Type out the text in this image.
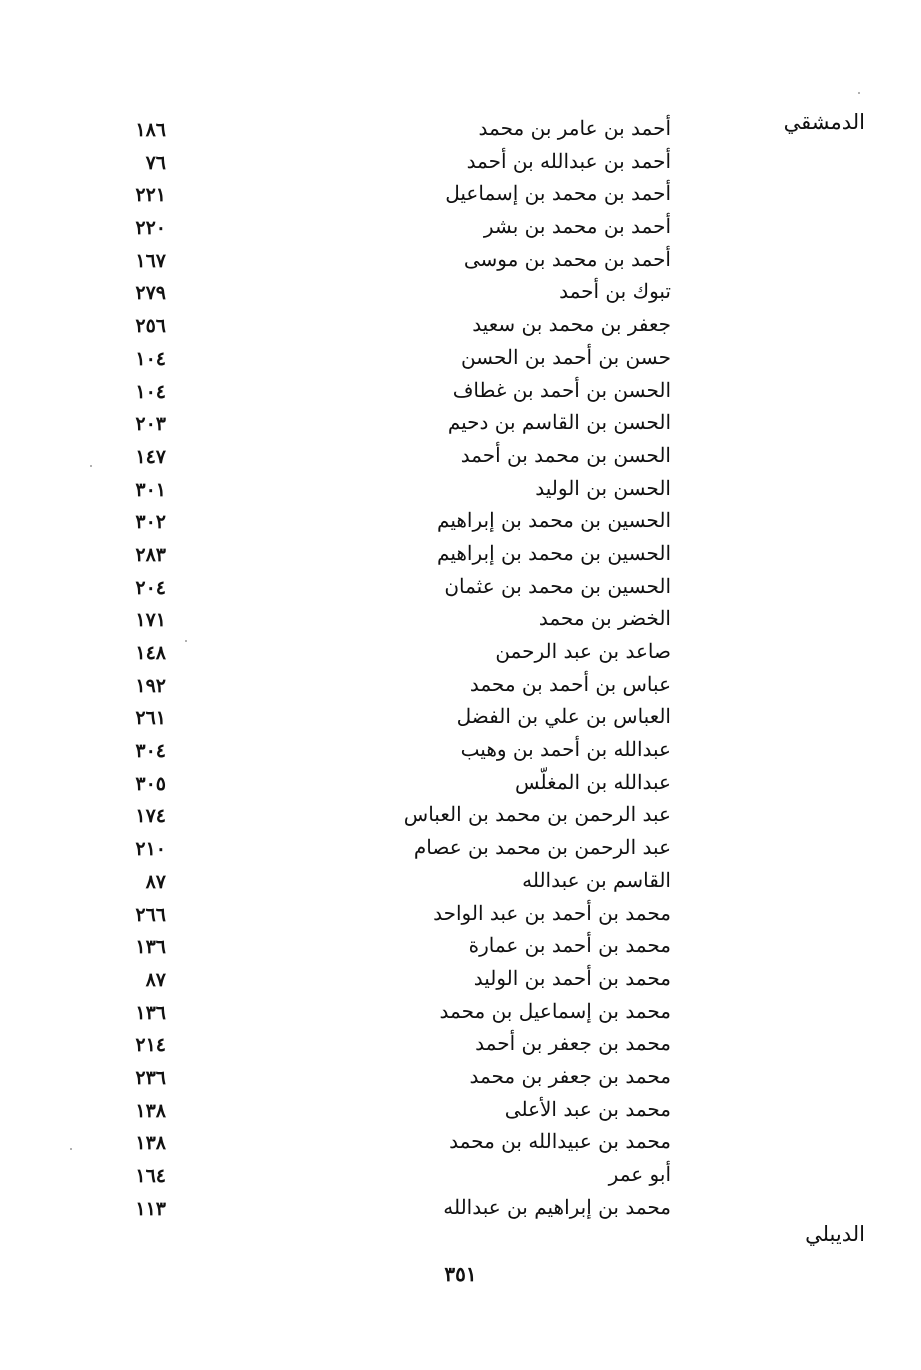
أحمد بن عامر بن محمد
١٨٦
أحمد بن عبدالله بن أحمد
٧٦
أحمد بن محمد بن إسماعيل
٢٢١
أحمد بن محمد بن بشر
٢٢٠
أحمد بن محمد بن موسى
١٦٧
تبوك بن أحمد
٢٧٩
جعفر بن محمد بن سعيد
٢٥٦
حسن بن أحمد بن الحسن
١٠٤
الحسن بن أحمد بن غطاف
١٠٤
الحسن بن القاسم بن دحيم
٢٠٣
الحسن بن محمد بن أحمد
١٤٧
الحسن بن الوليد
٣٠١
الحسين بن محمد بن إبراهيم
٣٠٢
الحسين بن محمد بن إبراهيم
٢٨٣
الحسين بن محمد بن عثمان
٢٠٤
الخضر بن محمد
١٧١
صاعد بن عبد الرحمن
١٤٨
عباس بن أحمد بن محمد
١٩٢
العباس بن علي بن الفضل
٢٦١
عبدالله بن أحمد بن وهيب
٣٠٤
عبدالله بن المغلّس
٣٠٥
عبد الرحمن بن محمد بن العباس
١٧٤
عبد الرحمن بن محمد بن عصام
٢١٠
القاسم بن عبدالله
٨٧
محمد بن أحمد بن عبد الواحد
٢٦٦
محمد بن أحمد بن عمارة
١٣٦
محمد بن أحمد بن الوليد
٨٧
محمد بن إسماعيل بن محمد
١٣٦
محمد بن جعفر بن أحمد
٢١٤
محمد بن جعفر بن محمد
٢٣٦
محمد بن عبد الأعلى
١٣٨
محمد بن عبيدالله بن محمد
١٣٨
أبو عمر
١٦٤
محمد بن إبراهيم بن عبدالله
١١٣
٣٥١
الدمشقي
الديبلي
